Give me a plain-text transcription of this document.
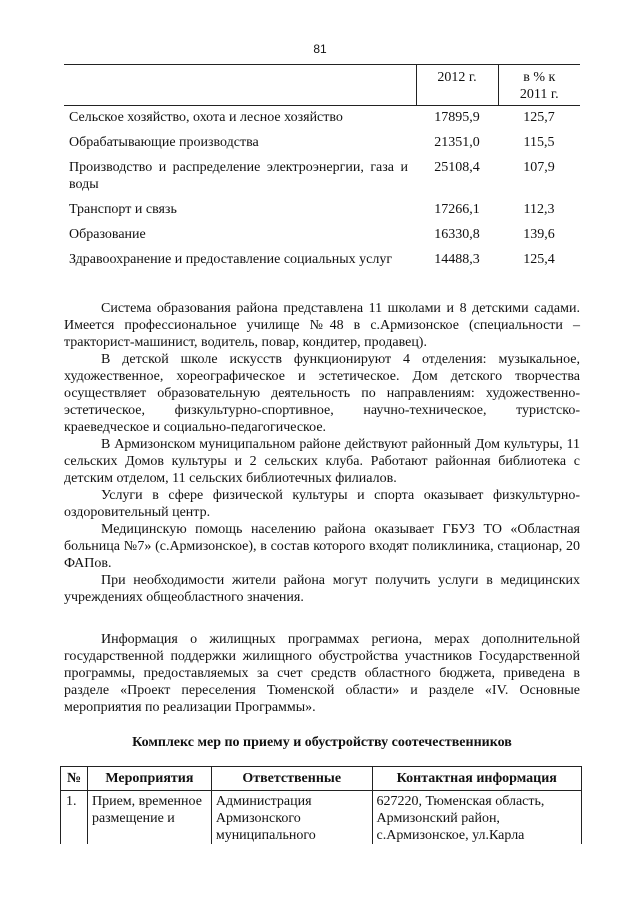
81
	2012 г.	в % к
2011 г.

Сельское хозяйство, охота и лесное хозяйство	17895,9	125,7
Обрабатывающие производства	21351,0	115,5
Производство и распределение электроэнергии, газа и воды	25108,4	107,9
Транспорт и связь	17266,1	112,3
Образование	16330,8	139,6
Здравоохранение и предоставление социальных услуг	14488,3	125,4

Система образования района представлена 11 школами и 8 детскими садами. Имеется профессиональное училище №48 в с.Армизонское (специальности – тракторист-машинист, водитель, повар, кондитер, продавец).

В детской школе искусств функционируют 4 отделения: музыкальное, художественное, хореографическое и эстетическое. Дом детского творчества осуществляет образовательную деятельность по направлениям: художественно-эстетическое, физкультурно-спортивное, научно-техническое, туристско-краеведческое и социально-педагогическое.

В Армизонском муниципальном районе действуют районный Дом культуры, 11 сельских Домов культуры и 2 сельских клуба. Работают районная библиотека с детским отделом, 11 сельских библиотечных филиалов.

Услуги в сфере физической культуры и спорта оказывает физкультурно-оздоровительный центр.

Медицинскую помощь населению района оказывает ГБУЗ ТО «Областная больница №7» (с.Армизонское), в состав которого входят поликлиника, стационар, 20 ФАПов.

При необходимости жители района могут получить услуги в медицинских учреждениях общеобластного значения.

Информация о жилищных программах региона, мерах дополнительной государственной поддержки жилищного обустройства участников Государственной программы, предоставляемых за счет средств областного бюджета, приведена в разделе «Проект переселения Тюменской области» и разделе «IV. Основные мероприятия по реализации Программы».

Комплекс мер по приему и обустройству соотечественников
№	Мероприятия	Ответственные	Контактная информация
1.	Прием, временное размещение и	Администрация Армизонского муниципального	627220, Тюменская область, Армизонский район, с.Армизонское, ул.Карла
